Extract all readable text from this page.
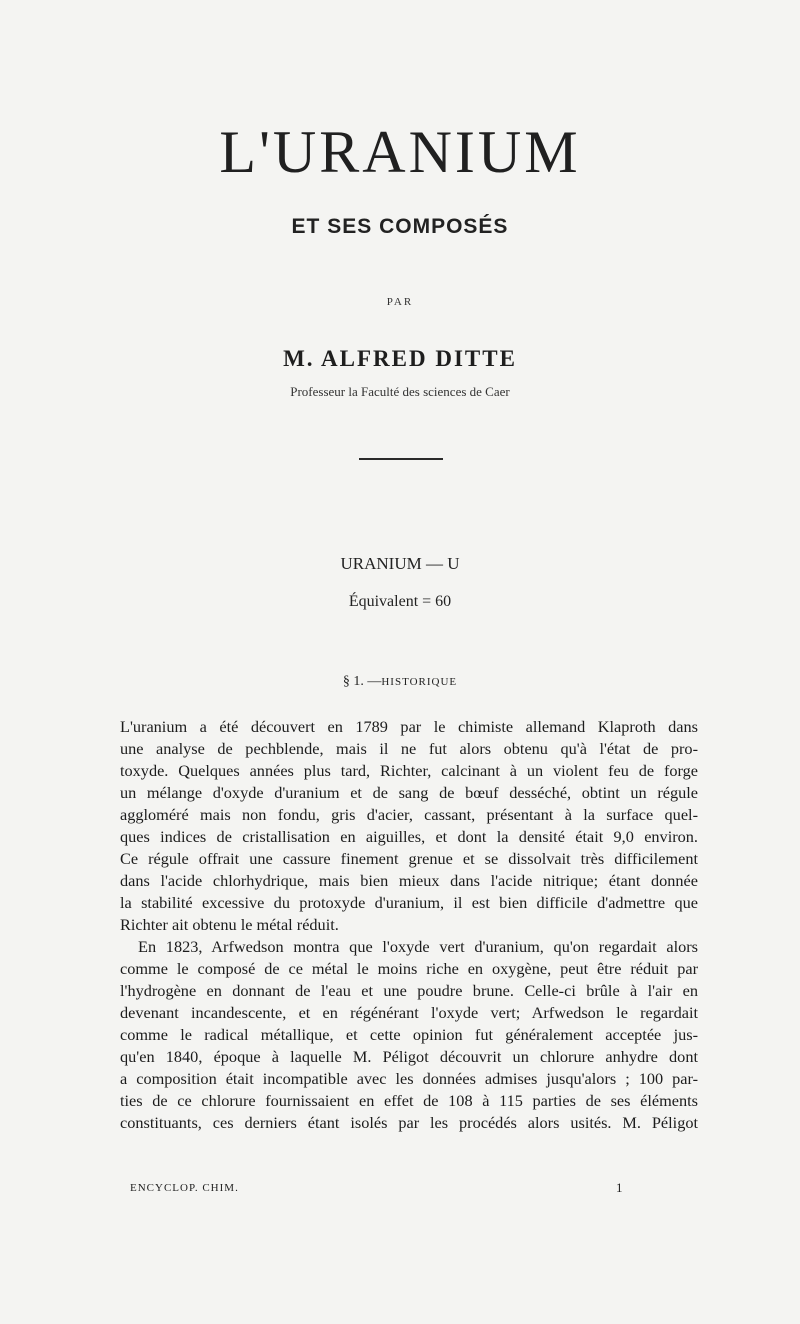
L'URANIUM
ET SES COMPOSÉS
PAR
M. ALFRED DITTE
Professeur la Faculté des sciences de Caer
URANIUM — U
Équivalent = 60
§ 1. —HISTORIQUE
L'uranium a été découvert en 1789 par le chimiste allemand Klaproth dans
une analyse de pechblende, mais il ne fut alors obtenu qu'à l'état de pro-
toxyde. Quelques années plus tard, Richter, calcinant à un violent feu de forge
un mélange d'oxyde d'uranium et de sang de bœuf desséché, obtint un régule
aggloméré mais non fondu, gris d'acier, cassant, présentant à la surface quel-
ques indices de cristallisation en aiguilles, et dont la densité était 9,0 environ.
Ce régule offrait une cassure finement grenue et se dissolvait très difficilement
dans l'acide chlorhydrique, mais bien mieux dans l'acide nitrique; étant donnée
la stabilité excessive du protoxyde d'uranium, il est bien difficile d'admettre que
Richter ait obtenu le métal réduit.
En 1823, Arfwedson montra que l'oxyde vert d'uranium, qu'on regardait alors
comme le composé de ce métal le moins riche en oxygène, peut être réduit par
l'hydrogène en donnant de l'eau et une poudre brune. Celle-ci brûle à l'air en
devenant incandescente, et en régénérant l'oxyde vert; Arfwedson le regardait
comme le radical métallique, et cette opinion fut généralement acceptée jus-
qu'en 1840, époque à laquelle M. Péligot découvrit un chlorure anhydre dont
a composition était incompatible avec les données admises jusqu'alors ; 100 par-
ties de ce chlorure fournissaient en effet de 108 à 115 parties de ses éléments
constituants, ces derniers étant isolés par les procédés alors usités. M. Péligot
ENCYCLOP. CHIM.	1
